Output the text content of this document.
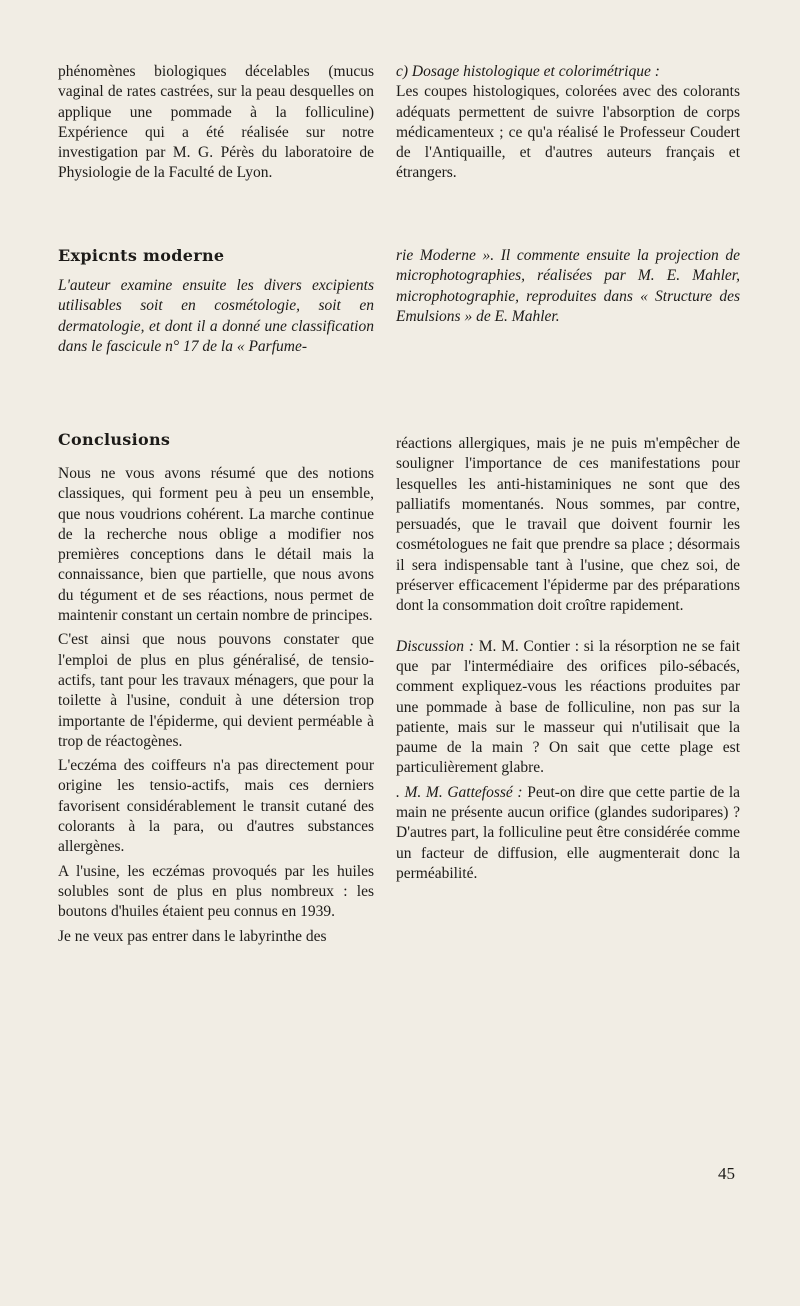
phénomènes biologiques décelables (mucus vaginal de rates castrées, sur la peau desquelles on applique une pommade à la folliculine) Expérience qui a été réalisée sur notre investigation par M. G. Pérès du laboratoire de Physiologie de la Faculté de Lyon.

c) Dosage histologique et colorimétrique :
Les coupes histologiques, colorées avec des colorants adéquats permettent de suivre l'absorption de corps médicamenteux ; ce qu'a réalisé le Professeur Coudert de l'Antiquaille, et d'autres auteurs français et étrangers.

Expicnts moderne

L'auteur examine ensuite les divers excipients utilisables soit en cosmétologie, soit en dermatologie, et dont il a donné une classification dans le fascicule n° 17 de la « Parfume-

rie Moderne ». Il commente ensuite la projection de microphotographies, réalisées par M. E. Mahler, microphotographie, reproduites dans « Structure des Emulsions » de E. Mahler.

Conclusions

Nous ne vous avons résumé que des notions classiques, qui forment peu à peu un ensemble, que nous voudrions cohérent. La marche continue de la recherche nous oblige a modifier nos premières conceptions dans le détail mais la connaissance, bien que partielle, que nous avons du tégument et de ses réactions, nous permet de maintenir constant un certain nombre de principes.

C'est ainsi que nous pouvons constater que l'emploi de plus en plus généralisé, de tensio-actifs, tant pour les travaux ménagers, que pour la toilette à l'usine, conduit à une détersion trop importante de l'épiderme, qui devient perméable à trop de réactogènes.

L'eczéma des coiffeurs n'a pas directement pour origine les tensio-actifs, mais ces derniers favorisent considérablement le transit cutané des colorants à la para, ou d'autres substances allergènes.

A l'usine, les eczémas provoqués par les huiles solubles sont de plus en plus nombreux : les boutons d'huiles étaient peu connus en 1939.

Je ne veux pas entrer dans le labyrinthe des

réactions allergiques, mais je ne puis m'empêcher de souligner l'importance de ces manifestations pour lesquelles les anti-histaminiques ne sont que des palliatifs momentanés. Nous sommes, par contre, persuadés, que le travail que doivent fournir les cosmétologues ne fait que prendre sa place ; désormais il sera indispensable tant à l'usine, que chez soi, de préserver efficacement l'épiderme par des préparations dont la consommation doit croître rapidement.

Discussion : M. M. Contier : si la résorption ne se fait que par l'intermédiaire des orifices pilo-sébacés, comment expliquez-vous les réactions produites par une pommade à base de folliculine, non pas sur la patiente, mais sur le masseur qui n'utilisait que la paume de la main ? On sait que cette plage est particulièrement glabre.

. M. M. Gattefossé : Peut-on dire que cette partie de la main ne présente aucun orifice (glandes sudoripares) ? D'autres part, la folliculine peut être considérée comme un facteur de diffusion, elle augmenterait donc la perméabilité.

45
